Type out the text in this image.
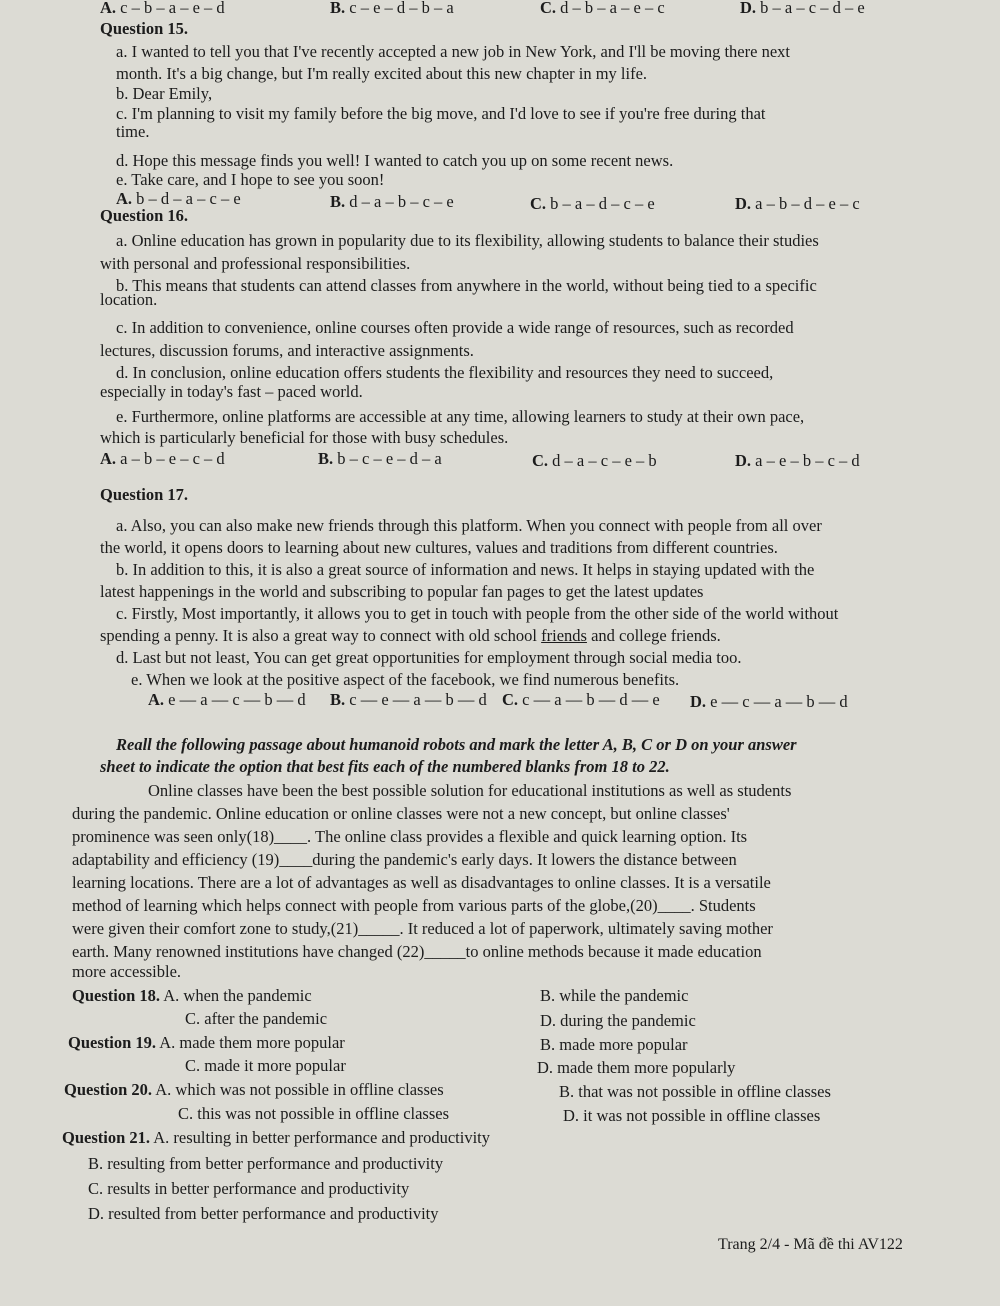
A. c – b – a – e – d	B. c – e – d – b – a	C. d – b – a – e – c	D. b – a – c – d – e
Question 15.
a. I wanted to tell you that I've recently accepted a new job in New York, and I'll be moving there next
month. It's a big change, but I'm really excited about this new chapter in my life.
b. Dear Emily,
c. I'm planning to visit my family before the big move, and I'd love to see if you're free during that
time.
d. Hope this message finds you well! I wanted to catch you up on some recent news.
e. Take care, and I hope to see you soon!
A. b – d – a – c – e	B. d – a – b – c – e	C. b – a – d – c – e	D. a – b – d – e – c
Question 16.
a. Online education has grown in popularity due to its flexibility, allowing students to balance their studies
with personal and professional responsibilities.
b. This means that students can attend classes from anywhere in the world, without being tied to a specific
location.
c. In addition to convenience, online courses often provide a wide range of resources, such as recorded
lectures, discussion forums, and interactive assignments.
d. In conclusion, online education offers students the flexibility and resources they need to succeed,
especially in today's fast – paced world.
e. Furthermore, online platforms are accessible at any time, allowing learners to study at their own pace,
which is particularly beneficial for those with busy schedules.
A. a – b – e – c – d	B. b – c – e – d – a	C. d – a – c – e – b	D. a – e – b – c – d
Question 17.
a. Also, you can also make new friends through this platform. When you connect with people from all over
the world, it opens doors to learning about new cultures, values and traditions from different countries.
b. In addition to this, it is also a great source of information and news. It helps in staying updated with the
latest happenings in the world and subscribing to popular fan pages to get the latest updates
c. Firstly, Most importantly, it allows you to get in touch with people from the other side of the world without
spending a penny. It is also a great way to connect with old school friends and college friends.
d. Last but not least, You can get great opportunities for employment through social media too.
e. When we look at the positive aspect of the facebook, we find numerous benefits.
A. e — a — c — b — d B. c — e — a — b — d C. c — a — b — d — e D. e — c — a — b — d
Reall the following passage about humanoid robots and mark the letter A, B, C or D on your answer
sheet to indicate the option that best fits each of the numbered blanks from 18 to 22.
Online classes have been the best possible solution for educational institutions as well as students
during the pandemic. Online education or online classes were not a new concept, but online classes'
prominence was seen only(18)____. The online class provides a flexible and quick learning option. Its
adaptability and efficiency (19)____during the pandemic's early days. It lowers the distance between
learning locations. There are a lot of advantages as well as disadvantages to online classes. It is a versatile
method of learning which helps connect with people from various parts of the globe,(20)____. Students
were given their comfort zone to study,(21)_____. It reduced a lot of paperwork, ultimately saving mother
earth. Many renowned institutions have changed (22)_____to online methods because it made education
more accessible.
Question 18. A. when the pandemic	B. while the pandemic
C. after the pandemic	D. during the pandemic
Question 19. A. made them more popular	B. made more popular
C. made it more popular	D. made them more popularly
Question 20. A. which was not possible in offline classes	B. that was not possible in offline classes
C. this was not possible in offline classes	D. it was not possible in offline classes
Question 21. A. resulting in better performance and productivity
B. resulting from better performance and productivity
C. results in better performance and productivity
D. resulted from better performance and productivity
Trang 2/4 - Mã đề thi AV122
